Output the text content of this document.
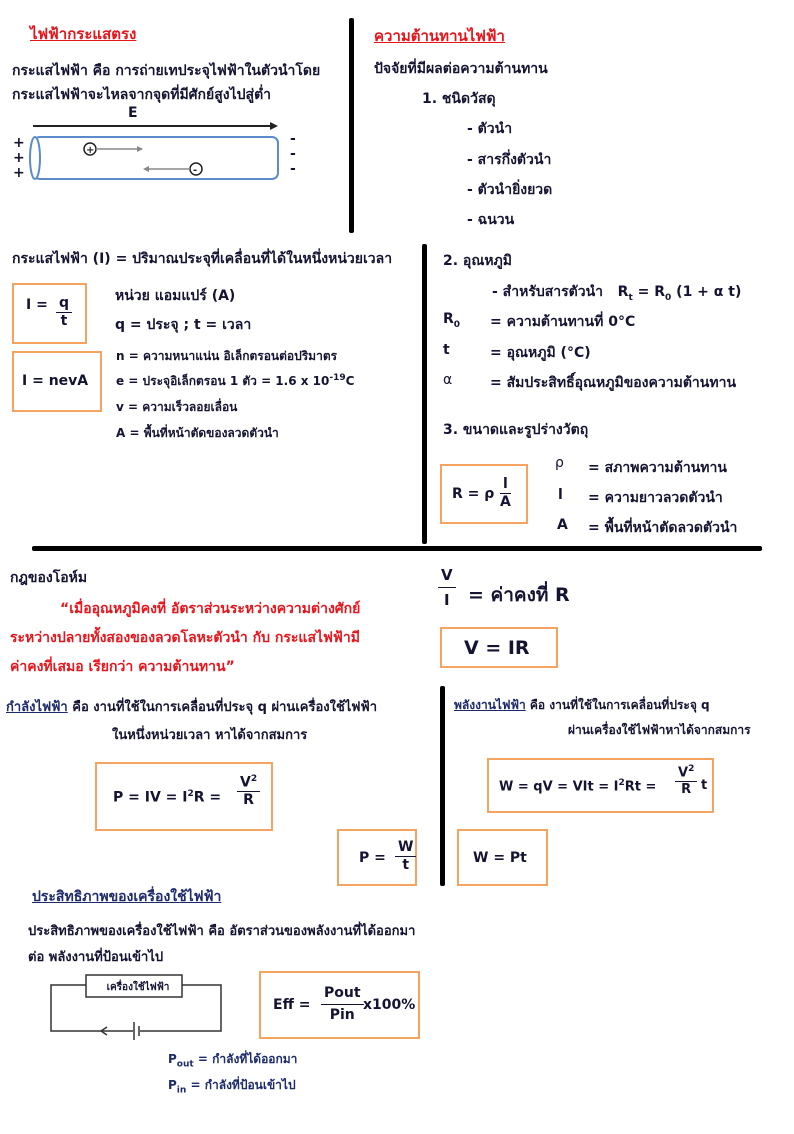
ไฟฟ้ากระแสตรง
กระแสไฟฟ้า คือ การถ่ายเทประจุไฟฟ้าในตัวนำโดย
กระแสไฟฟ้าจะไหลจากจุดที่มีศักย์สูงไปสู่ต่ำ
E
+
-
+
+
+
-
-
-
กระแสไฟฟ้า (I) = ปริมาณประจุที่เคลื่อนที่ได้ในหนึ่งหน่วยเวลา
$I = \frac{q}{t}$
I = nevA
หน่วย แอมแปร์ (A)
q = ประจุ ; t = เวลา
n = ความหนาแน่น อิเล็กตรอนต่อปริมาตร
e = ประจุอิเล็กตรอน 1 ตัว = 1.6 x $10^{-19}C$
v = ความเร็วลอยเลื่อน
A = พื้นที่หน้าตัดของลวดตัวนำ
ความต้านทานไฟฟ้า
ปัจจัยที่มีผลต่อความต้านทาน
1. ชนิดวัสดุ
- ตัวนำ
- สารกึ่งตัวนำ
- ตัวนำยิ่งยวด
- ฉนวน
2. อุณหภูมิ
- สำหรับสารตัวนำ $R_t = R_0$ (1 + α t)
$R_0$ = ความต้านทานที่ 0°C
t	= อุณหภูมิ (°C)
α	= สัมประสิทธิ์อุณหภูมิของความต้านทาน
3. ขนาดและรูปร่างวัตถุ
R = ρ $\frac{l}{A}$
ρ = สภาพความต้านทาน
l = ความยาวลวดตัวนำ
A = พื้นที่หน้าตัดลวดตัวนำ
กฎของโอห์ม
“เมื่ออุณหภูมิคงที่ อัตราส่วนระหว่างความต่างศักย์
ระหว่างปลายทั้งสองของลวดโลหะตัวนำ กับ กระแสไฟฟ้ามี
ค่าคงที่เสมอ เรียกว่า ความต้านทาน”
$\frac{V}{I}$ = ค่าคงที่ R
V = IR
กำลังไฟฟ้า คือ งานที่ใช้ในการเคลื่อนที่ประจุ q ผ่านเครื่องใช้ไฟฟ้า
ในหนึ่งหน่วยเวลา หาได้จากสมการ
P = IV = $I^2R = \frac{V^2}{R}$
$P = \frac{W}{t}$
พลังงานไฟฟ้า คือ งานที่ใช้ในการเคลื่อนที่ประจุ q
ผ่านเครื่องใช้ไฟฟ้าหาได้จากสมการ
W = qV = VIt = $I^2Rt = \frac{V^2}{R}$ t
W = Pt
ประสิทธิภาพของเครื่องใช้ไฟฟ้า
ประสิทธิภาพของเครื่องใช้ไฟฟ้า คือ อัตราส่วนของพลังงานที่ได้ออกมา
ต่อ พลังงานที่ป้อนเข้าไป
เครื่องใช้ไฟฟ้า
Eff =
Pout
Pin
x100%
$P_{out}$ = กำลังที่ได้ออกมา
$P_{in}$ = กำลังที่ป้อนเข้าไป
